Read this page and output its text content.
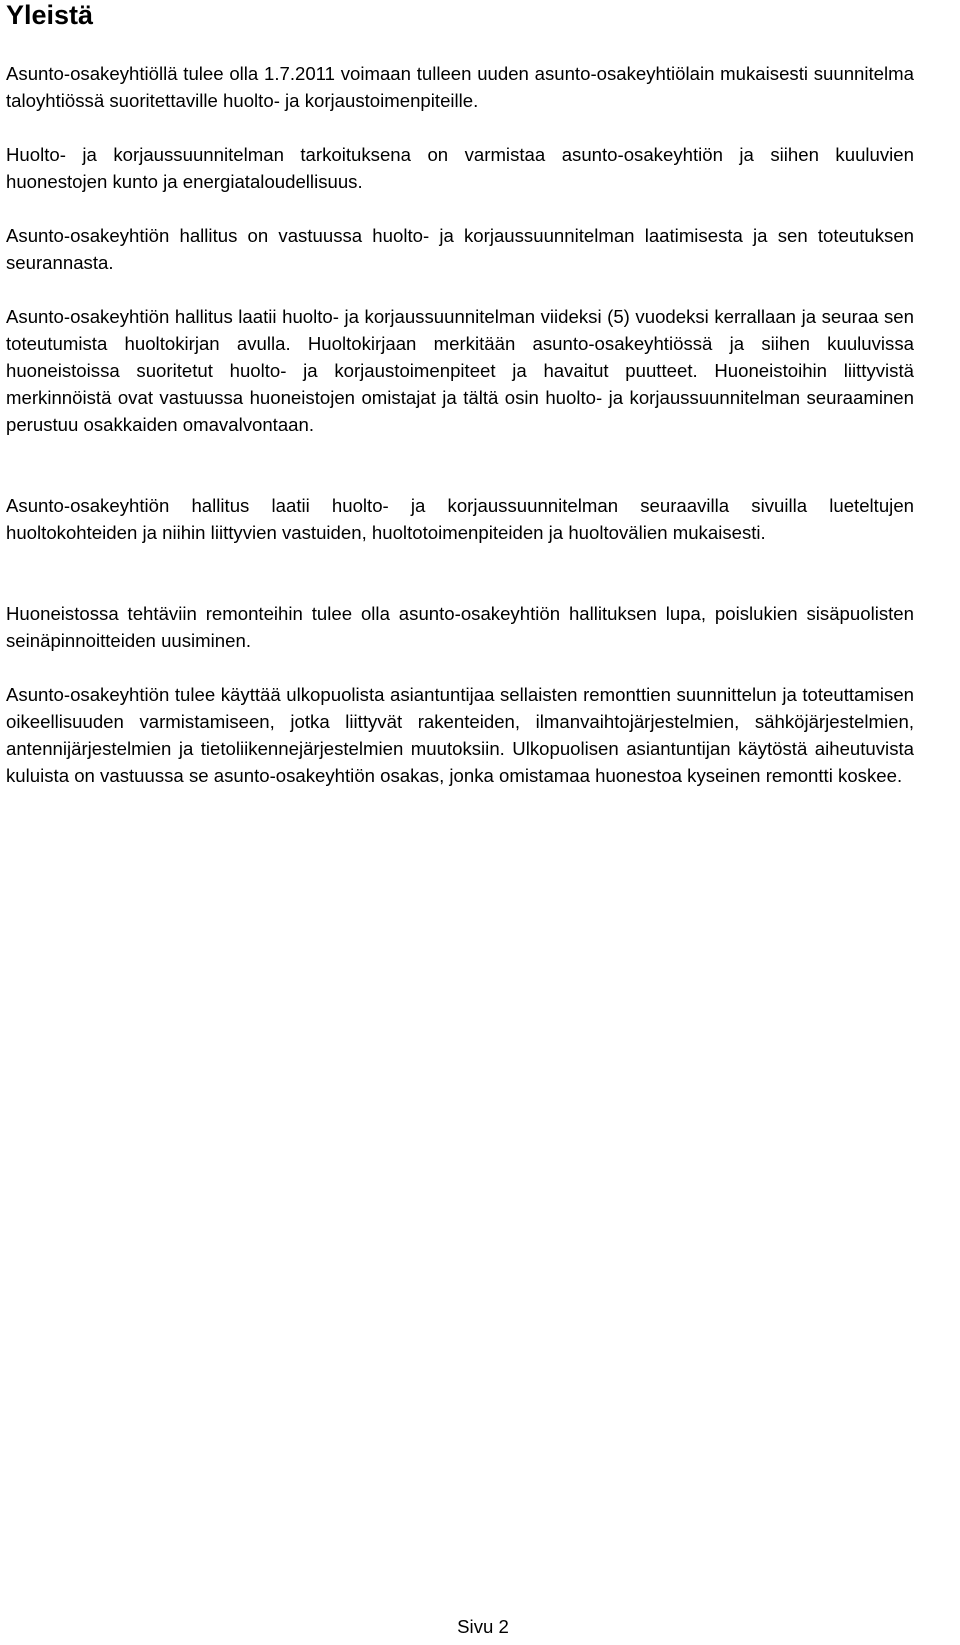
Yleistä

Asunto-osakeyhtiöllä tulee olla 1.7.2011 voimaan tulleen uuden asunto-osakeyhtiölain mukaisesti suunnitelma taloyhtiössä suoritettaville huolto- ja korjaustoimenpiteille.

Huolto- ja korjaussuunnitelman tarkoituksena on varmistaa asunto-osakeyhtiön ja siihen kuuluvien huonestojen kunto ja energiataloudellisuus.

Asunto-osakeyhtiön hallitus on vastuussa huolto- ja korjaussuunnitelman laatimisesta ja sen toteutuksen seurannasta.

Asunto-osakeyhtiön hallitus laatii huolto- ja korjaussuunnitelman viideksi (5) vuodeksi kerrallaan ja seuraa sen toteutumista huoltokirjan avulla. Huoltokirjaan merkitään asunto-osakeyhtiössä ja siihen kuuluvissa huoneistoissa suoritetut huolto- ja korjaustoimenpiteet ja havaitut puutteet. Huoneistoihin liittyvistä merkinnöistä ovat vastuussa huoneistojen omistajat ja tältä osin huolto- ja korjaussuunnitelman seuraaminen perustuu osakkaiden omavalvontaan.

Asunto-osakeyhtiön hallitus laatii huolto- ja korjaussuunnitelman seuraavilla sivuilla lueteltujen huoltokohteiden ja niihin liittyvien vastuiden, huoltotoimenpiteiden ja huoltovälien mukaisesti.

Huoneistossa tehtäviin remonteihin tulee olla asunto-osakeyhtiön hallituksen lupa, poislukien sisäpuolisten seinäpinnoitteiden uusiminen.

Asunto-osakeyhtiön tulee käyttää ulkopuolista asiantuntijaa sellaisten remonttien suunnittelun ja toteuttamisen oikeellisuuden varmistamiseen, jotka liittyvät rakenteiden, ilmanvaihtojärjestelmien, sähköjärjestelmien, antennijärjestelmien ja tietoliikennejärjestelmien muutoksiin. Ulkopuolisen asiantuntijan käytöstä aiheutuvista kuluista on vastuussa se asunto-osakeyhtiön osakas, jonka omistamaa huonestoa kyseinen remontti koskee.

Sivu 2
